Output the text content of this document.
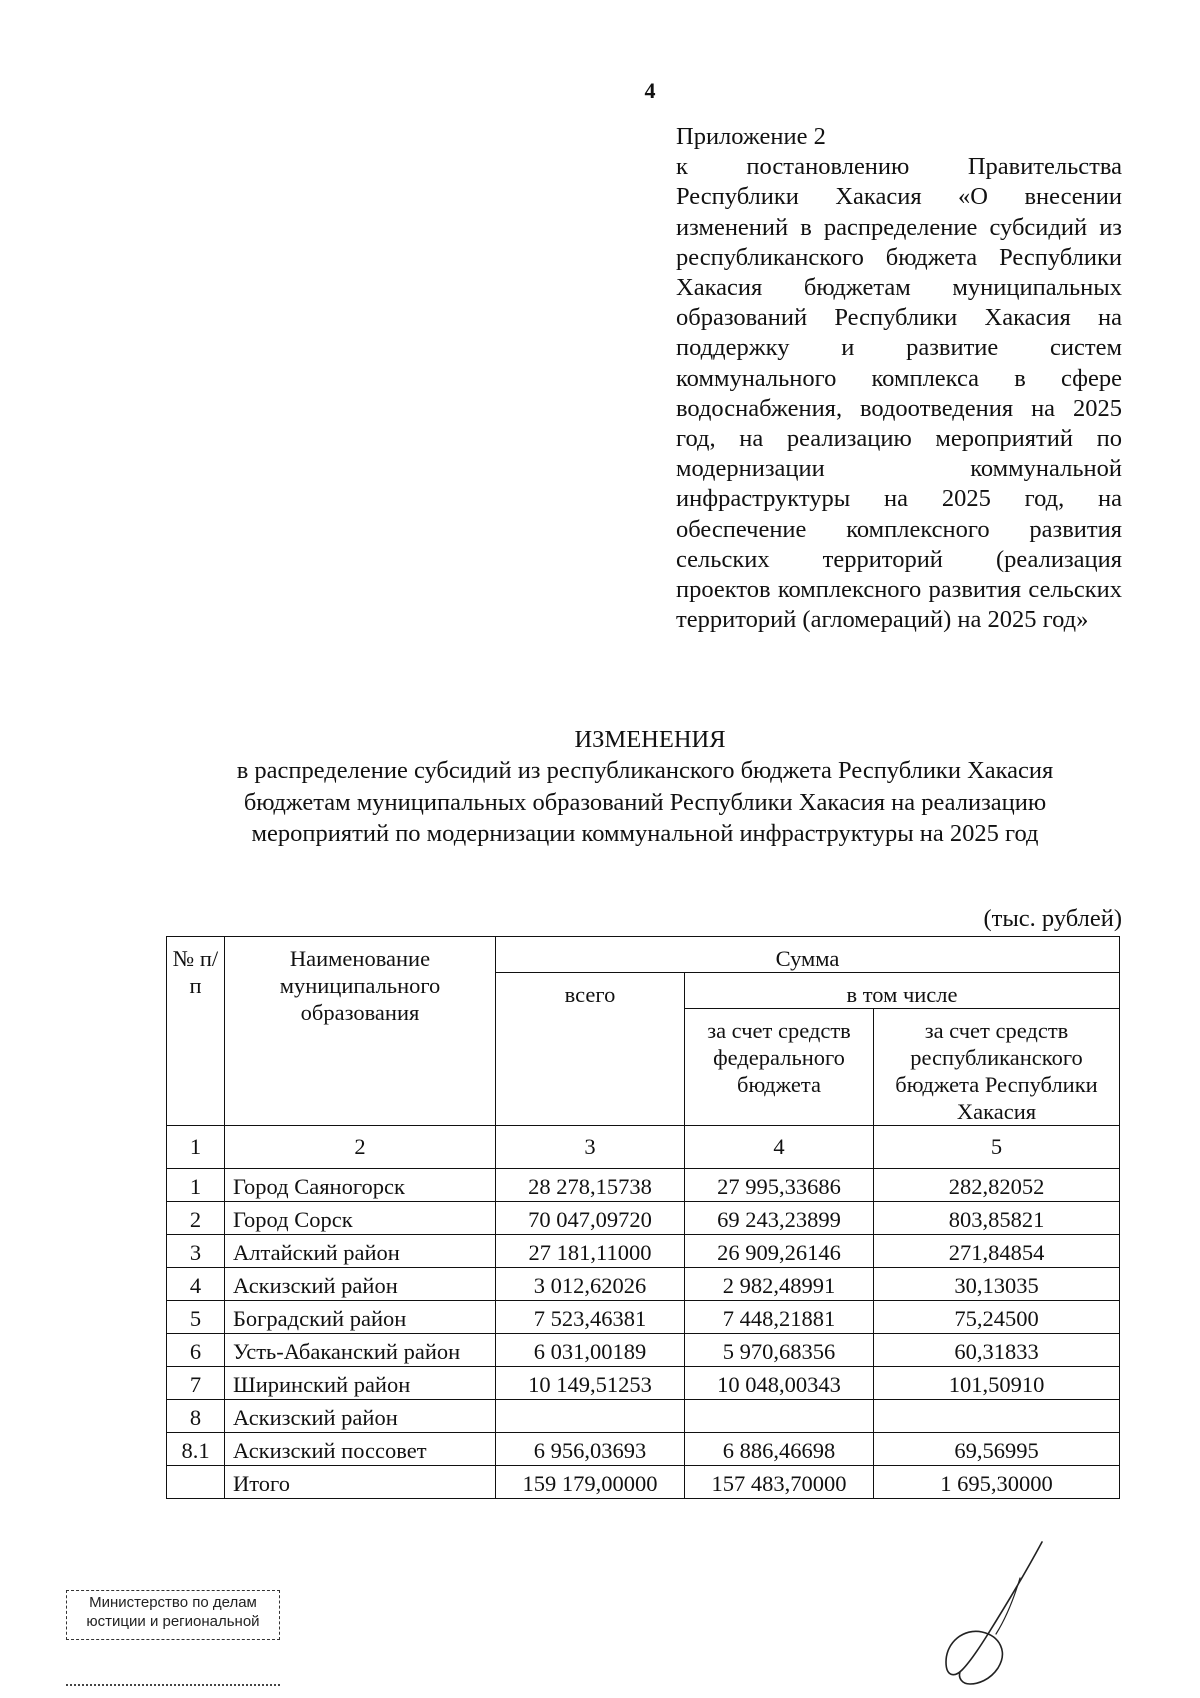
4

Приложение 2

к постановлению Правительства Республики Хакасия «О внесении изменений в распределение субсидий из республиканского бюджета Республики Хакасия бюджетам муниципальных образований Республики Хакасия на поддержку и развитие систем коммунального комплекса в сфере водоснабжения, водоотведения на 2025 год, на реализацию мероприятий по модернизации коммунальной инфраструктуры на 2025 год, на обеспечение комплексного развития сельских территорий (реализация проектов комплексного развития сельских территорий (агломераций) на 2025 год»

ИЗМЕНЕНИЯ
в распределение субсидий из республиканского бюджета Республики Хакасия бюджетам муниципальных образований Республики Хакасия на реализацию мероприятий по модернизации коммунальной инфраструктуры на 2025 год
(тыс. рублей)
№ п/п	Наименование муниципального образования	Сумма		
		всего	в том числе	
			за счет средств федерального бюджета	за счет средств республиканского бюджета Республики Хакасия
1	2	3	4	5
1	Город Саяногорск	28 278,15738	27 995,33686	282,82052
2	Город Сорск	70 047,09720	69 243,23899	803,85821
3	Алтайский район	27 181,11000	26 909,26146	271,84854
4	Аскизский район	3 012,62026	2 982,48991	30,13035
5	Боградский район	7 523,46381	7 448,21881	75,24500
6	Усть-Абаканский район	6 031,00189	5 970,68356	60,31833
7	Ширинский район	10 149,51253	10 048,00343	101,50910
8	Аскизский район			
8.1	Аскизский поссовет	6 956,03693	6 886,46698	69,56995
	Итого	159 179,00000	157 483,70000	1 695,30000
Министерство по делам
юстиции и региональной
